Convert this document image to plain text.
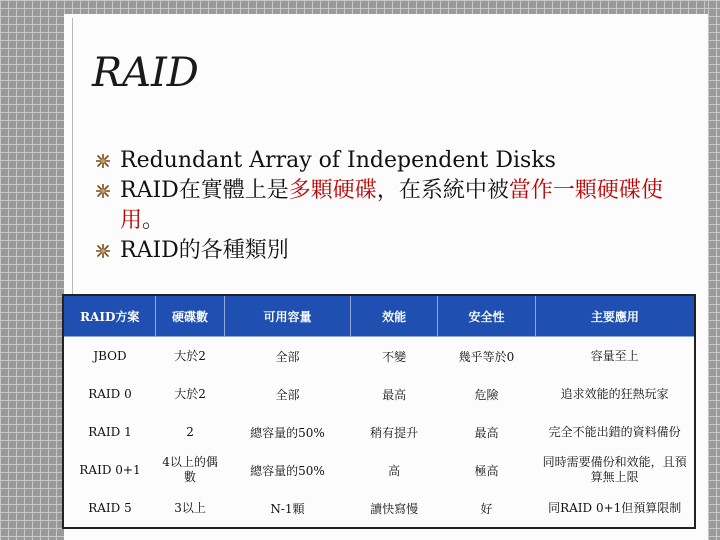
RAID
Redundant Array of Independent Disks
RAID在實體上是多顆硬碟，在系統中被當作一顆硬碟使用。
RAID的各種類別
RAID方案	硬碟數	可用容量	效能	安全性	主要應用
JBOD	大於2	全部	不變	幾乎等於0	容量至上
RAID 0	大於2	全部	最高	危險	追求效能的狂熱玩家
RAID 1	2	總容量的50%	稍有提升	最高	完全不能出錯的資料備份
RAID 0+1	4以上的偶數	總容量的50%	高	極高	同時需要備份和效能，且預算無上限
RAID 5	3以上	N-1顆	讀快寫慢	好	同RAID 0+1但預算限制
